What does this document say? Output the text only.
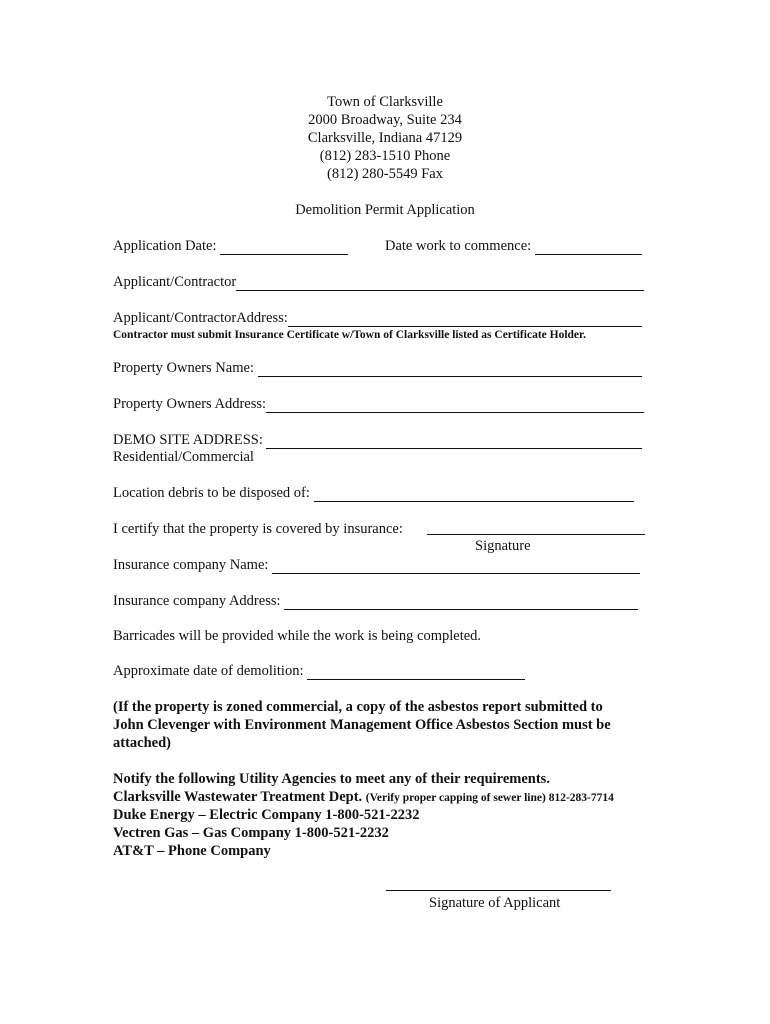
Town of Clarksville
2000 Broadway, Suite 234
Clarksville, Indiana 47129
(812) 283-1510 Phone
(812) 280-5549 Fax
Demolition Permit Application
Application Date:	Date work to commence:
Applicant/Contractor
Applicant/ContractorAddress:
Contractor must submit Insurance Certificate w/Town of Clarksville listed as Certificate Holder.
Property Owners Name:
Property Owners Address:
DEMO SITE ADDRESS:
Residential/Commercial
Location debris to be disposed of:
I certify that the property is covered by insurance:
Signature
Insurance company Name:
Insurance company Address:
Barricades will be provided while the work is being completed.
Approximate date of demolition:
(If the property is zoned commercial, a copy of the asbestos report submitted to
John Clevenger with Environment Management Office Asbestos Section must be
attached)
Notify the following Utility Agencies to meet any of their requirements.
Clarksville Wastewater Treatment Dept. (Verify proper capping of sewer line) 812-283-7714
Duke Energy – Electric Company 1-800-521-2232
Vectren Gas – Gas Company 1-800-521-2232
AT&T – Phone Company
Signature of Applicant
